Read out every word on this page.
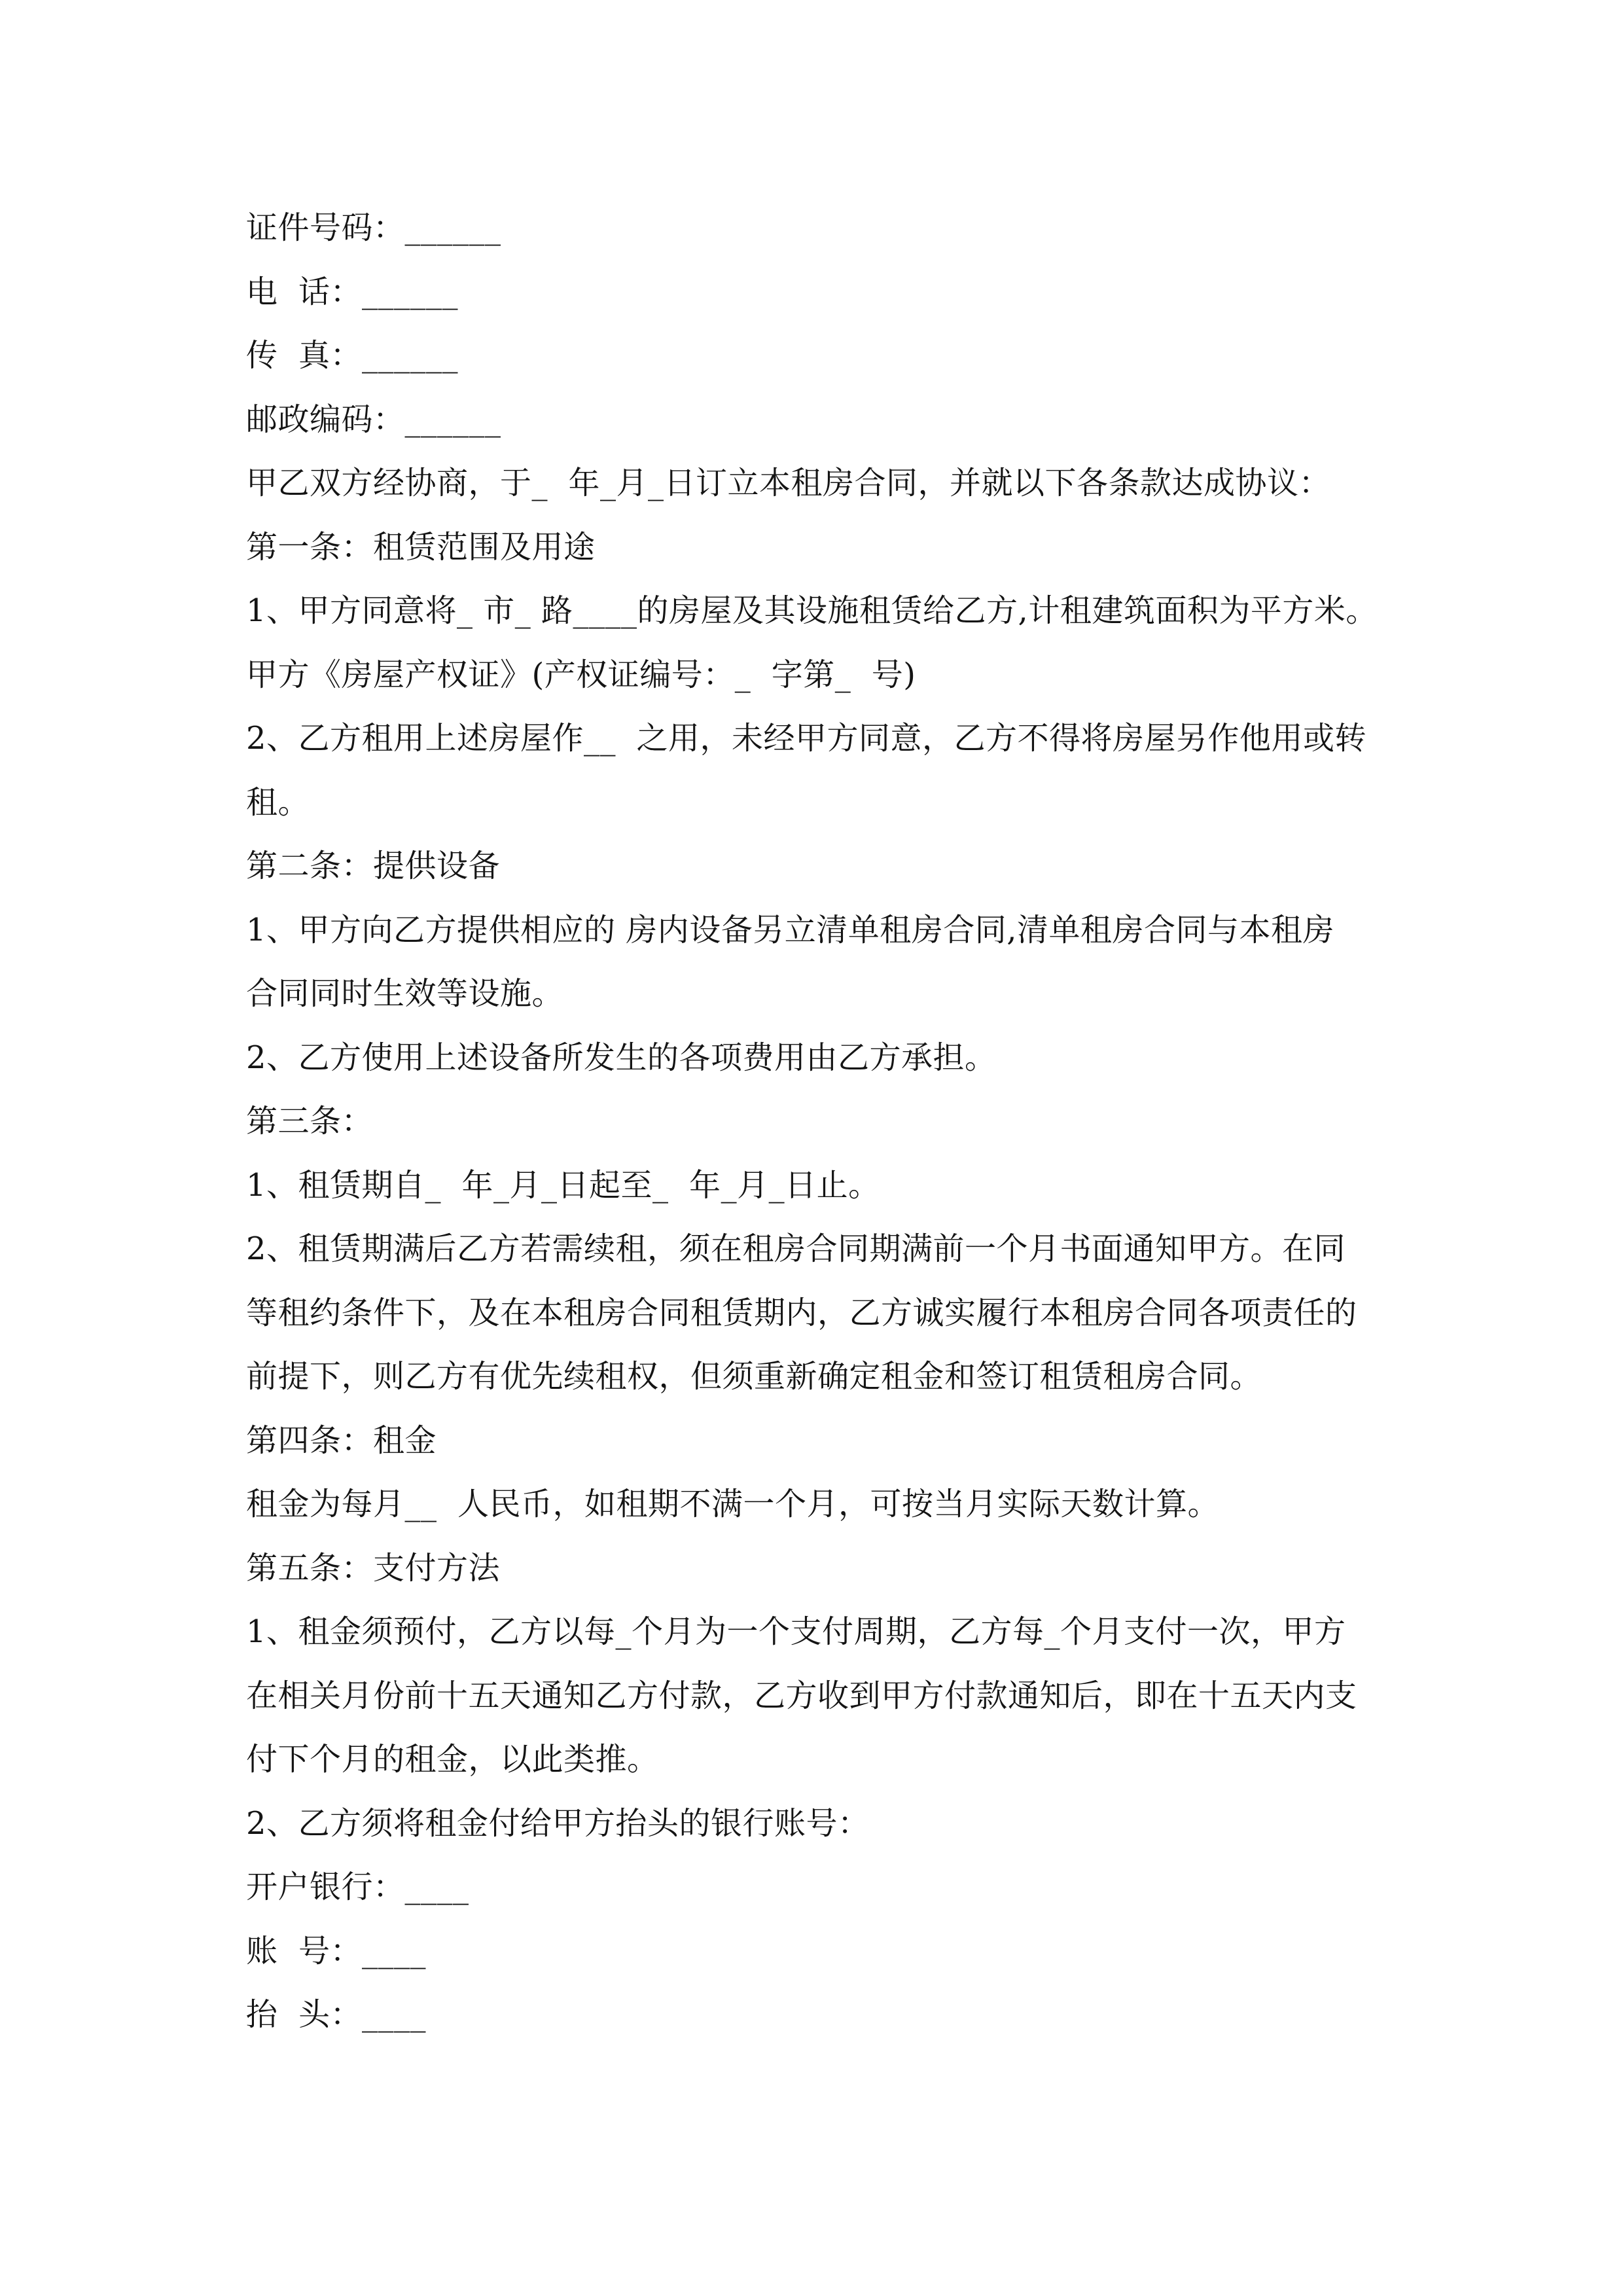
证件号码：______
电  话：______
传  真：______
邮政编码：______
甲乙双方经协商，于_  年_月_日订立本租房合同，并就以下各条款达成协议：
第一条：租赁范围及用途
1、甲方同意将_ 市_ 路____的房屋及其设施租赁给乙方,计租建筑面积为平方米。
甲方《房屋产权证》(产权证编号：_  字第_  号)
2、乙方租用上述房屋作__  之用，未经甲方同意，乙方不得将房屋另作他用或转
租。
第二条：提供设备
1、甲方向乙方提供相应的 房内设备另立清单租房合同,清单租房合同与本租房
合同同时生效等设施。
2、乙方使用上述设备所发生的各项费用由乙方承担。
第三条：
1、租赁期自_  年_月_日起至_  年_月_日止。
2、租赁期满后乙方若需续租，须在租房合同期满前一个月书面通知甲方。在同
等租约条件下，及在本租房合同租赁期内，乙方诚实履行本租房合同各项责任的
前提下，则乙方有优先续租权，但须重新确定租金和签订租赁租房合同。
第四条：租金
租金为每月__  人民币，如租期不满一个月，可按当月实际天数计算。
第五条：支付方法
1、租金须预付，乙方以每_个月为一个支付周期，乙方每_个月支付一次，甲方
在相关月份前十五天通知乙方付款，乙方收到甲方付款通知后，即在十五天内支
付下个月的租金，以此类推。
2、乙方须将租金付给甲方抬头的银行账号：
开户银行：____
账  号：____
抬  头：____
